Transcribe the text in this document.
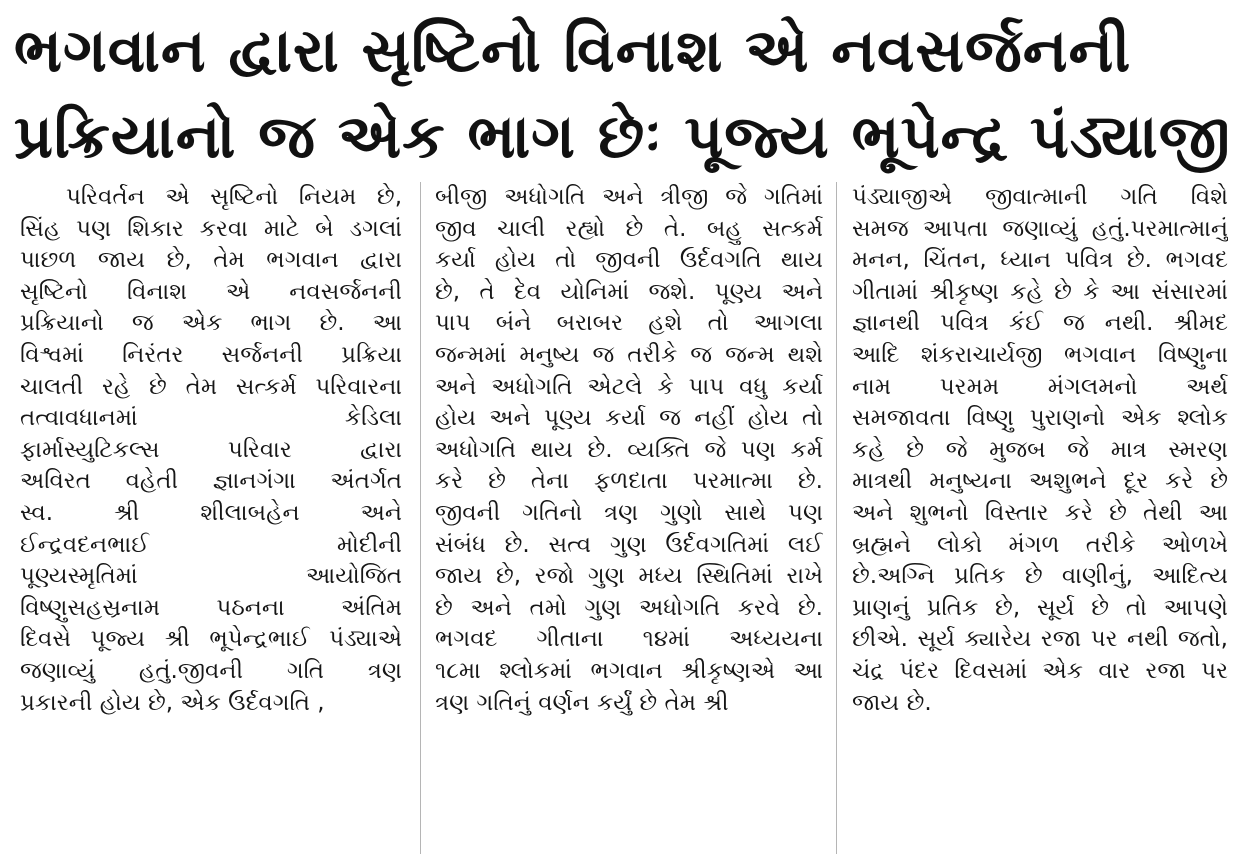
ભગવાન દ્વારા સૃષ્ટિનો વિનાશ એ નવસર્જનની
પ્રક્રિયાનો જ એક ભાગ છેઃ પૂજ્ય ભૂપેન્દ્ર પંડ્યાજી
પરિવર્તન એ સૃષ્ટિનો નિયમ છે,
સિંહ પણ શિકાર કરવા માટે બે ડગલાં
પાછળ જાય છે, તેમ ભગવાન દ્વારા
સૃષ્ટિનો વિનાશ એ નવસર્જનની
પ્રક્રિયાનો જ એક ભાગ છે. આ
વિશ્વમાં નિરંતર સર્જનની પ્રક્રિયા
ચાલતી રહે છે તેમ સત્કર્મ પરિવારના
તત્વાવધાનમાં કેડિલા
ફાર્માસ્યુટિકલ્સ પરિવાર દ્વારા
અવિરત વહેતી જ્ઞાનગંગા અંતર્ગત
સ્વ. શ્રી શીલાબહેન અને
ઈન્દ્રવદનભાઈ મોદીની
પૂણ્યસ્મૃતિમાં આયોજિત
વિષ્ણુસહસ્રનામ પઠનના અંતિમ
દિવસે પૂજ્ય શ્રી ભૂપેન્દ્રભાઈ પંડ્યાએ
જણાવ્યું હતું.જીવની ગતિ ત્રણ
પ્રકારની હોય છે, એક ઉર્દવગતિ ,
બીજી અધોગતિ અને ત્રીજી જે ગતિમાં
જીવ ચાલી રહ્યો છે તે. બહુ સત્કર્મ
કર્યા હોય તો જીવની ઉર્દવગતિ થાય
છે, તે દેવ યોનિમાં જશે. પૂણ્ય અને
પાપ બંને બરાબર હશે તો આગલા
જન્મમાં મનુષ્ય જ તરીકે જ જન્મ થશે
અને અધોગતિ એટલે કે પાપ વધુ કર્યા
હોય અને પૂણ્ય કર્યા જ નહીં હોય તો
અધોગતિ થાય છે. વ્યક્તિ જે પણ કર્મ
કરે છે તેના ફળદાતા પરમાત્મા છે.
જીવની ગતિનો ત્રણ ગુણો સાથે પણ
સંબંધ છે. સત્વ ગુણ ઉર્દવગતિમાં લઈ
જાય છે, રજો ગુણ મધ્ય સ્થિતિમાં રાખે
છે અને તમો ગુણ અધોગતિ કરવે છે.
ભગવદ ગીતાના ૧૪માં અધ્યયના
૧૮મા શ્લોકમાં ભગવાન શ્રીકૃષ્ણએ આ
ત્રણ ગતિનું વર્ણન કર્યું છે તેમ શ્રી
પંડ્યાજીએ જીવાત્માની ગતિ વિશે
સમજ આપતા જણાવ્યું હતું.પરમાત્માનું
મનન, ચિંતન, ધ્યાન પવિત્ર છે. ભગવદ
ગીતામાં શ્રીકૃષ્ણ કહે છે કે આ સંસારમાં
જ્ઞાનથી પવિત્ર કંઈ જ નથી. શ્રીમદ
આદિ શંકરાચાર્યજી ભગવાન વિષ્ણુના
નામ પરમમ મંગલમનો અર્થ
સમજાવતા વિષ્ણુ પુરાણનો એક શ્લોક
કહે છે જે મુજબ જે માત્ર સ્મરણ
માત્રથી મનુષ્યના અશુભને દૂર કરે છે
અને શુભનો વિસ્તાર કરે છે તેથી આ
બ્રહ્મને લોકો મંગળ તરીકે ઓળખે
છે.અગ્નિ પ્રતિક છે વાણીનું, આદિત્ય
પ્રાણનું પ્રતિક છે, સૂર્ય છે તો આપણે
છીએ. સૂર્ય ક્યારેય રજા પર નથી જતો,
ચંદ્ર પંદર દિવસમાં એક વાર રજા પર
જાય છે.
